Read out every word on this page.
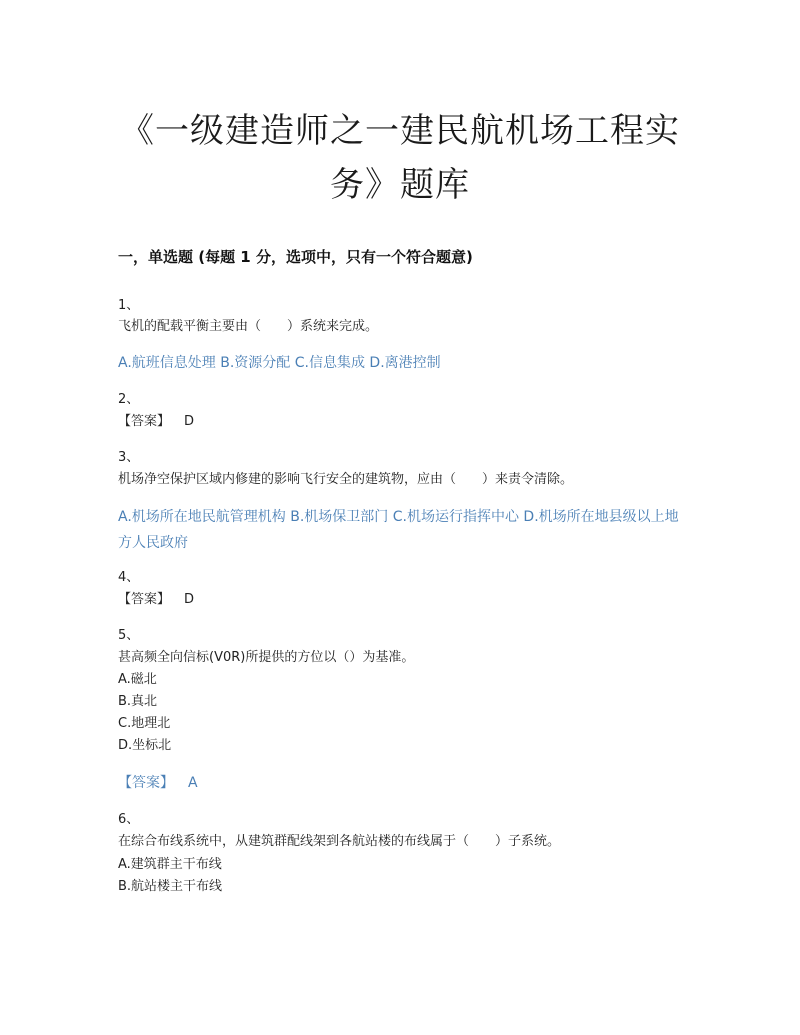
《一级建造师之一建民航机场工程实务》题库
一，单选题 (每题 1 分，选项中，只有一个符合题意)
1、
飞机的配载平衡主要由（　　）系统来完成。
A.航班信息处理 B.资源分配 C.信息集成 D.离港控制
2、
【答案】 D
3、
机场净空保护区域内修建的影响飞行安全的建筑物，应由（　　）来责令清除。
A.机场所在地民航管理机构 B.机场保卫部门 C.机场运行指挥中心 D.机场所在地县级以上地方人民政府
4、
【答案】 D
5、
甚高频全向信标(V0R)所提供的方位以（）为基准。
A.磁北
B.真北
C.地理北
D.坐标北
【答案】 A
6、
在综合布线系统中，从建筑群配线架到各航站楼的布线属于（　　）子系统。
A.建筑群主干布线
B.航站楼主干布线
